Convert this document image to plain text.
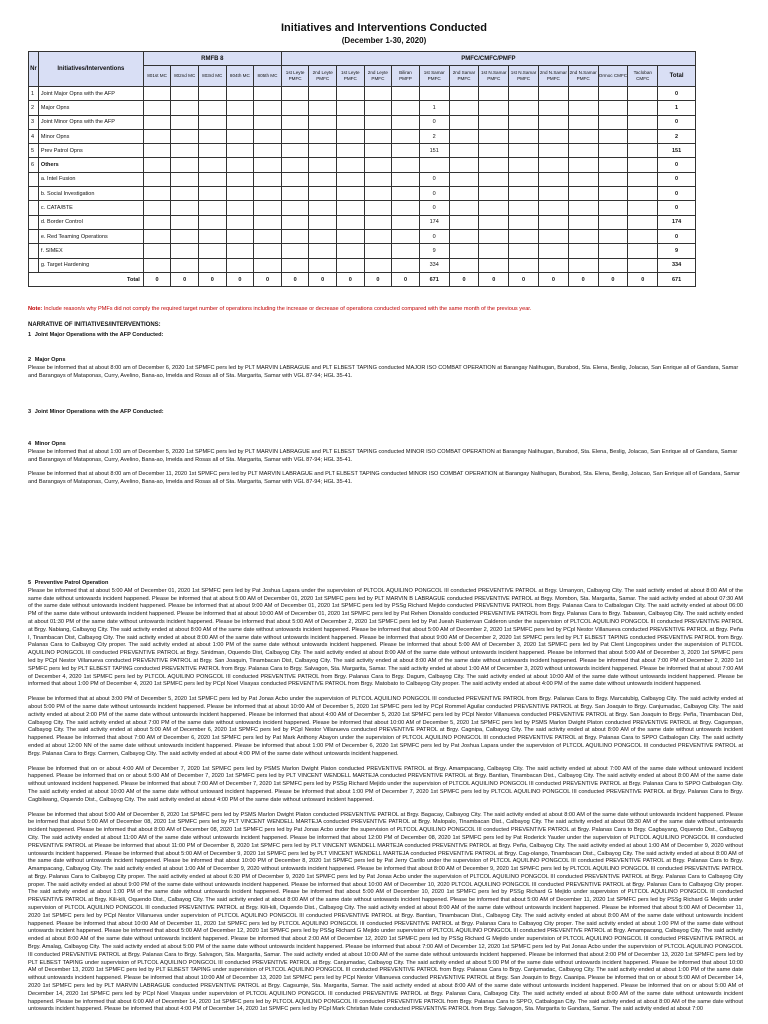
Initiatives and Interventions Conducted
(December 1-30, 2020)
Nr	Initiatives/Interventions	RMFB 8					PMFC/CMFC/PMFP													
		801st MC	802nd MC	803rd MC	804th MC	805th MC	1st Leyte PMFC	2nd Leyte PMFC	1st Leyte PMFC	2nd Leyte PMFC	Biliran PMFP	1st Samar PMFC	2nd Samar PMFC	1st N.Samar PMFC	1st N.Samar PMFC	2nd N.Samar PMFC	2nd N.Samar PMFC	Ormoc CMFC	Tacloban CMFC	Total
1	Joint Major Opns with the AFP																			0
2	Major Opns											1								1
3	Joint Minor Opns with the AFP											0								0
4	Minor Opns											2								2
5	Prev Patrol Opns											151								151
6	Others																			0
	a. Intel Fusion											0								0
	b. Social Investigation											0								0
	c. CATA/BTE											0								0
	d. Border Control											174								174
	e. Red Teaming Operations											0								0
	f. SIMEX											9								9
	g. Target Hardening											334								334
Total		0	0	0	0	0	0	0	0	0	0	671	0	0	0	0	0	0	0	671
Note: Include reason/s why PMFs did not comply the required target number of operations including the increase or decrease of operations conducted compared with the same month of the previous year.
NARRATIVE OF INITIATIVES/INTERVENTIONS:
1 Joint Major Operations with the AFP Conducted:
2 Major Opns

Please be informed that at about 8:00 am of December 6, 2020 1st SPMFC pers led by PLT MARVIN LABRAGUE and PLT ELBEST TAPING conducted MAJOR ISO COMBAT OPERATION at Barangay Nalihugan, Burabod, Sta. Elena, Beslig, Jolacao, San Enrique all of Gandara, Samar and Barangays of Mataponas, Curry, Avelino, Bana-ao, Imelda and Rosas all of Sta. Margarita, Samar with VGL 87-94; HGL 35-41.

3 Joint Minor Operations with the AFP Conducted:
4 Minor Opns

Please be informed that at about 1:00 am of December 5, 2020 1st SPMFC pers led by PLT MARVIN LABRAGUE and PLT ELBEST TAPING conducted MINOR ISO COMBAT OPERATION at Barangay Nalihugan, Burabod, Sta. Elena, Beslig, Jolacao, San Enrique all of Gandara, Samar and Barangays of Mataponas, Curry, Avelino, Bana-ao, Imelda and Rosas all of Sta. Margarita, Samar with VGL 87-94; HGL 35-41.

Please be informed that at about 8:00 am of December 11, 2020 1st SPMFC pers led by PLT MARVIN LABRAGUE and PLT ELBEST TAPING conducted MINOR ISO COMBAT OPERATION at Barangay Nalihugan, Burabod, Sta. Elena, Beslig, Jolacao, San Enrique all of Gandara, Samar and Barangays of Mataponas, Curry, Avelino, Bana-ao, Imelda and Rosas all of Sta. Margarita, Samar with VGL 87-94; HGL 35-41.

5 Preventive Patrol Operation

Please be informed that at about 5:00 AM of December 01, 2020 1st SPMFC pers led by Pat Joshua Lapara under the supervision of PLTCOL AQUILINO PONGCOL III conducted PREVENTIVE PATROL at Brgy. Umanyon, Calbayog City. The said activity ended at about 8:00 AM of the same date without untowards incident happened. Please be informed that at about 5:00 AM of December 01, 2020 1st SPMFC pers led by PLT MARVIN B LABRAGUE conducted PREVENTIVE PATROL at Brgy. Mombon, Sta. Margarita, Samar. The said activity ended at about 07:30 AM of the same date without untowards incident happened. Please be informed that at about 9:00 AM of December 01, 2020 1st SPMFC pers led by PSSg Richard Mejido conducted PREVENTIVE PATROL from Brgy. Palanas Cara to Catbalogan City. The said activity ended at about 06:00 PM of the same date without untowards incident happened. Please be informed that at about 10:00 AM of December 01, 2020 1st SPMFC pers led by Pat Rehen Dionaldo conducted PREVENTIVE PATROL from Brgy. Palanas Cara to Brgy. Tabawan, Calbayog City. The said activity ended at about 01:30 PM of the same date without untowards incident happened. Please be informed that about 5:00 AM of December 2, 2020 1st SPMFC pers led by Pat Jueah Rustenvan Calderon under the supervision of PLTCOL AQUILINO PONGCOL III conducted PREVENTIVE PATROL at Brgy. Nabiang, Calbayog City. The said activity ended at about 8:00 AM of the same date without untowards incident happened. Please be informed that about 5:00 AM of December 2, 2020 1st SPMFC pers led by PCpl Nestor Villanueva conducted PREVENTIVE PATROL at Brgy. Peña I, Tinambacan Dist, Calbayog City. The said activity ended at about 8:00 AM of the same date without untowards incident happened. Please be informed that about 9:00 AM of December 2, 2020 1st SPMFC pers led by PLT ELBEST TAPING conducted PREVENTIVE PATROL from Brgy. Palanas Cara to Calbayog City proper. The said activity ended at about 1:00 PM of the same date without untowards incident happened. Please be informed that about 5:00 AM of December 3, 2020 1st SPMFC pers led by Pat Clent Lingcopines under the supervision of PLTCOL AQUILINO PONGCOL III conducted PREVENTIVE PATROL at Brgy. Sinidman, Oquendo Dist, Calbayog City. The said activity ended at about 8:00 AM of the same date without untowards incident happened. Please be informed that about 5:00 AM of December 3, 2020 1st SPMFC pers led by PCpl Nestor Villanueva conducted PREVENTIVE PATROL at Brgy. San Joaquin, Tinambacan Dist, Calbayog City. The said activity ended at about 8:00 AM of the same date without untowards incident happened. Please be informed that about 7:00 PM of December 2, 2020 1st SPMFC pers led by PLT ELBEST TAPING conducted PREVENTIVE PATROL from Brgy. Palanas Cara to Brgy. Salvagon, Sta. Margarita, Samar. The said activity ended at about 1:00 AM of December 3, 2020 without untowards incident happened. Please be informed that at about 7:00 AM of December 4, 2020 1st SPMFC pers led by PLTCOL AQUILINO PONGCOL III conducted PREVENTIVE PATROL from Brgy. Palanas Cara to Brgy. Dagum, Calbayog City. The said activity ended at about 10:00 AM of the same date without untowards incident happened. Please be informed that about 1:00 PM of December 4, 2020 1st SPMFC pers led by PCpl Noel Visayas conducted PREVENTIVE PATROL from Brgy. Matobato to Calbayog City proper. The said activity ended at about 4:00 PM of the same date without untowards incident happened.

Please be informed that at about 3:00 PM of December 5, 2020 1st SPMFC pers led by Pat Jonas Acbo under the supervision of PLTCOL AQUILINO PONGCOL III conducted PREVENTIVE PATROL from Brgy. Palanas Cara to Brgy. Marcatubig, Calbayog City. The said activity ended at about 5:00 PM of the same date without untowards incident happened. Please be informed that at about 10:00 AM of December 5, 2020 1st SPMFC pers led by PCpl Rommel Aguilar conducted PREVENTIVE PATROL at Brgy. San Joaquin to Brgy. Canjumadac, Calbayog City. The said activity ended at about 2:00 PM of the same date without untowards incident happened. Please be informed that about 4:00 AM of December 5, 2020 1st SPMFC pers led by PCpl Nestor Villanueva conducted PREVENTIVE PATROL at Brgy. San Joaquin to Brgy. Peña, Tinambacan Dist, Calbayog City. The said activity ended at about 7:00 PM of the same date without untowards incident happened. Please be informed that about 10:00 AM of December 5, 2020 1st SPMFC pers led by PSMS Marlon Dwight Platon conducted PREVENTIVE PATROL at Brgy. Cagumpan, Calbayog City. The said activity ended at about 5:00 AM of December 6, 2020 1st SPMFC pers led by PCpl Nestor Villanueva conducted PREVENTIVE PATROL at Brgy. Cagnipa, Calbayog City. The said activity ended at about 8:00 AM of the same date without untowards incident happened. Please be informed that about 7:00 AM of December 6, 2020 1st SPMFC pers led by Pat Mark Anthony Abayon under the supervision of PLTCOL AQUILINO PONGCOL III conducted PREVENTIVE PATROL at Brgy. Palanas Cara to SPPO Catbalogan City. The said activity ended at about 12:00 NN of the same date without untowards incident happened. Please be informed that about 1:00 PM of December 6, 2020 1st SPMFC pers led by Pat Joshua Lapara under the supervision of PLTCOL AQUILINO PONGCOL III conducted PREVENTIVE PATROL at Brgy. Palanas Cara to Brgy. Carmen, Calbayog City. The said activity ended at about 4:00 PM of the same date without untowards incident happened.

Please be informed that on or about 4:00 AM of December 7, 2020 1st SPMFC pers led by PSMS Marlon Dwight Platon conducted PREVENTIVE PATROL at Brgy. Amampacang, Calbayog City. The said activity ended at about 7:00 AM of the same date without untoward incident happened. Please be informed that on or about 5:00 AM of December 7, 2020 1st SPMFC pers led by PLT VINCENT WENDELL MARTEJA conducted PREVENTIVE PATROL at Brgy. Bantian, Tinambacan Dist., Calbayog City. The said activity ended at about 8:00 AM of the same date without untoward incident happened. Please be informed that about 7:00 AM of December 7, 2020 1st SPMFC pers led by PSSg Richard Mejido under the supervision of PLTCOL AQUILINO PONGCOL III conducted PREVENTIVE PATROL at Brgy. Palanas Cara to SPPO Catbalogan City. The said activity ended at about 10:00 AM of the same date without untoward incident happened. Please be informed that about 1:00 PM of December 7, 2020 1st SPMFC pers led by PLTCOL AQUILINO PONGCOL III conducted PREVENTIVE PATROL at Brgy. Palanas Cara to Brgy. Cagbilwang, Oquendo Dist., Calbayog City. The said activity ended at about 4:00 PM of the same date without untoward incident happened.

Please be informed that about 5:00 AM of December 8, 2020 1st SPMFC pers led by PSMS Marlon Dwight Platon conducted PREVENTIVE PATROL at Brgy. Bagacay, Calbayog City. The said activity ended at about 8:00 AM of the same date without untowards incident happened. Please be informed that about 5:00 AM of December 08, 2020 1st SPMFC pers led by PLT VINCENT WENDELL MARTEJA conducted PREVENTIVE PATROL at Brgy. Malopalo, Tinambacan Dist., Calbayog City. The said activity ended at about 08:30 AM of the same date without untowards incident happened. Please be informed that about 8:00 AM of December 08, 2020 1st SPMFC pers led by Pat Jonas Acbo under the supervision of PLTCOL AQUILINO PONGCOL III conducted PREVENTIVE PATROL at Brgy. Palanas Cara to Brgy. Cagbayang, Oquendo Dist., Calbayog City. The said activity ended at about 11:00 AM of the same date without untowards incident happened. Please be informed that about 12:00 PM of December 08, 2020 1st SPMFC pers led by Pat Roderick Yauder under the supervision of PLTCOL AQUILINO PONGCOL III conducted PREVENTIVE PATROL at Please be informed that about 11:00 PM of December 8, 2020 1st SPMFC pers led by PLT VINCENT WENDELL MARTEJA conducted PREVENTIVE PATROL at Brgy. Peña, Calbayog City. The said activity ended at about 1:00 AM of December 9, 2020 without untowards incident happened. Please be informed that about 5:00 AM of December 9, 2020 1st SPMFC pers led by PLT VINCENT WENDELL MARTEJA conducted PREVENTIVE PATROL at Brgy. Cag-olango, Tinambacan Dist., Calbayog City. The said activity ended at about 8:00 AM of the same date without untowards incident happened. Please be informed that about 10:00 PM of December 8, 2020 1st SPMFC pers led by Pat Jerry Carillo under the supervision of PLTCOL AQUILINO PONGCOL III conducted PREVENTIVE PATROL at Brgy. Palanas Cara to Brgy. Amampacang, Calbayog City. The said activity ended at about 1:00 AM of December 9, 2020 without untowards incident happened. Please be informed that about 8:00 AM of December 9, 2020 1st SPMFC pers led by PLTCOL AQUILINO PONGCOL III conducted PREVENTIVE PATROL at Brgy. Palanas Cara to Calbayog City proper. The said activity ended at about 6:30 PM of December 9, 2020 1st SPMFC pers led by Pat Jonas Acbo under the supervision of PLTCOL AQUILINO PONGCOL III conducted PREVENTIVE PATROL at Brgy. Palanas Cara to Calbayog City proper. The said activity ended at about 9:00 PM of the same date without untowards incident happened. Please be informed that about 10:00 AM of December 10, 2020 PLTCOL AQUILINO PONGCOL III conducted PREVENTIVE PATROL at Brgy. Palanas Cara to Calbayog City proper. The said activity ended at about 1:00 PM of the same date without untowards incident happened. Please be informed that about 5:00 AM of December 10, 2020 1st SPMFC pers led by PSSg Richard G Mejido under supervision of PLTCOL AQUILINO PONGCOL III conducted PREVENTIVE PATROL at Brgy. Kili-kili, Oquendo Dist., Calbayog City. The said activity ended at about 8:00 AM of the same date without untowards incident happened. Please be informed that about 5:00 AM of December 11, 2020 1st SPMFC pers led by PSSg Richard G Mejido under supervision of PLTCOL AQUILINO PONGCOL III conducted PREVENTIVE PATROL at Brgy. Kili-kili, Oquendo Dist., Calbayog City. The said activity ended at about 8:00 AM of the same date without untowards incident happened. Please be informed that about 5:00 AM of December 11, 2020 1st SPMFC pers led by PCpl Nestor Villanueva under supervision of PLTCOL AQUILINO PONGCOL III conducted PREVENTIVE PATROL at Brgy. Bantian, Tinambacan Dist., Calbayog City. The said activity ended at about 8:00 AM of the same date without untowards incident happened. Please be informed that about 10:00 AM of December 11, 2020 1st SPMFC pers led by PLTCOL AQUILINO PONGCOL III conducted PREVENTIVE PATROL at Brgy. Palanas Cara to Calbayog City proper. The said activity ended at about 1:00 PM of the same date without untowards incident happened. Please be informed that about 5:00 AM of December 12, 2020 1st SPMFC pers led by PSSg Richard G Mejido under supervision of PLTCOL AQUILINO PONGCOL III conducted PREVENTIVE PATROL at Brgy. Amampacang, Calbayog City. The said activity ended at about 8:00 AM of the same date without untowards incident happened. Please be informed that about 2:00 AM of December 12, 2020 1st SPMFC pers led by PSSg Richard G Mejido under supervision of PLTCOL AQUILINO PONGCOL III conducted PREVENTIVE PATROL at Brgy. Amalag, Calbayog City. The said activity ended at about 5:00 PM of the same date without untowards incident happened. Please be informed that about 7:00 AM of December 12, 2020 1st SPMFC pers led by Pat Jonas Acbo under the supervision of PLTCOL AQUILINO PONGCOL III conducted PREVENTIVE PATROL at Brgy. Palanas Cara to Brgy. Salvagon, Sta. Margarita, Samar. The said activity ended at about 10:00 AM of the same date without untowards incident happened. Please be informed that about 2:00 PM of December 13, 2020 1st SPMFC pers led by PLT ELBEST TAPING under supervision of PLTCOL AQUILINO PONGCOL III conducted PREVENTIVE PATROL at Brgy. Canjumadac, Calbayog City. The said activity ended at about 5:00 PM of the same date without untowards incident happened. Please be informed that about 10:00 AM of December 13, 2020 1st SPMFC pers led by PLT ELBEST TAPING under supervision of PLTCOL AQUILINO PONGCOL III conducted PREVENTIVE PATROL from Brgy. Palanas Cara to Brgy. Canjumadac, Calbayog City. The said activity ended at about 1:00 PM of the same date without untowards incident happened. Please be informed that about 10:00 AM of December 13, 2020 1st SPMFC pers led by PCpl Nestor Villanueva conducted PREVENTIVE PATROL at Brgy. San Joaquin to Brgy. Caanipa. Please be informed that on or about 5:00 AM of December 14, 2020 1st SPMFC pers led by PLT MARVIN LABRAGUE conducted PREVENTIVE PATROL at Brgy. Cagsumje, Sta. Margarita, Samar. The said activity ended at about 8:00 AM of the same date without untowards incident happened. Please be informed that on or about 5:00 AM of December 14, 2020 1st SPMFC pers led by PCpl Noel Visayas under supervision of PLTCOL AQUILINO PONGCOL III conducted PREVENTIVE PATROL at Brgy. Palanas Cara, Calbayog City. The said activity ended at about 8:00 AM of the same date without untowards incident happened. Please be informed that about 6:00 AM of December 14, 2020 1st SPMFC pers led by PLTCOL AQUILINO PONGCOL III conducted PREVENTIVE PATROL from Brgy. Palanas Cara to SPPO, Catbalogan City. The said activity ended at about 8:00 AM of the same date without untowards incident happened. Please be informed that about 4:00 PM of December 14, 2020 1st SPMFC pers led by PCpl Mark Christian Mate conducted PREVENTIVE PATROL from Brgy. Salvagon, Sta. Margarita to Gandara, Samar. The said activity ended at about 7:00
